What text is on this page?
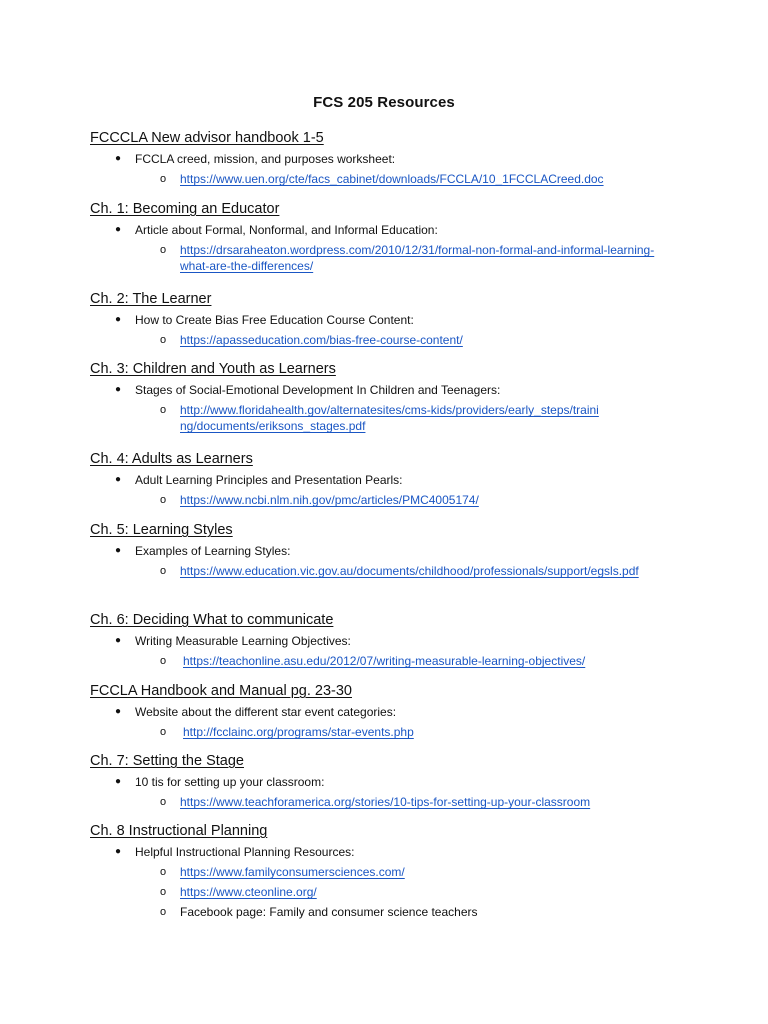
FCS 205 Resources
FCCCLA New advisor handbook 1-5
● FCCLA creed, mission, and purposes worksheet:
o https://www.uen.org/cte/facs_cabinet/downloads/FCCLA/10_1FCCLACreed.doc
Ch. 1: Becoming an Educator
● Article about Formal, Nonformal, and Informal Education:
o https://drsaraheaton.wordpress.com/2010/12/31/formal-non-formal-and-informal-learning-what-are-the-differences/
Ch. 2: The Learner
● How to Create Bias Free Education Course Content:
o https://apasseducation.com/bias-free-course-content/
Ch. 3: Children and Youth as Learners
● Stages of Social-Emotional Development In Children and Teenagers:
o http://www.floridahealth.gov/alternatesites/cms-kids/providers/early_steps/training/documents/eriksons_stages.pdf
Ch. 4: Adults as Learners
● Adult Learning Principles and Presentation Pearls:
o https://www.ncbi.nlm.nih.gov/pmc/articles/PMC4005174/
Ch. 5: Learning Styles
● Examples of Learning Styles:
o https://www.education.vic.gov.au/documents/childhood/professionals/support/egsls.pdf
Ch. 6: Deciding What to communicate
● Writing Measurable Learning Objectives:
o https://teachonline.asu.edu/2012/07/writing-measurable-learning-objectives/
FCCLA Handbook and Manual pg. 23-30
● Website about the different star event categories:
o http://fcclainc.org/programs/star-events.php
Ch. 7: Setting the Stage
● 10 tis for setting up your classroom:
o https://www.teachforamerica.org/stories/10-tips-for-setting-up-your-classroom
Ch. 8 Instructional Planning
● Helpful Instructional Planning Resources:
o https://www.familyconsumersciences.com/
o https://www.cteonline.org/
o Facebook page: Family and consumer science teachers
